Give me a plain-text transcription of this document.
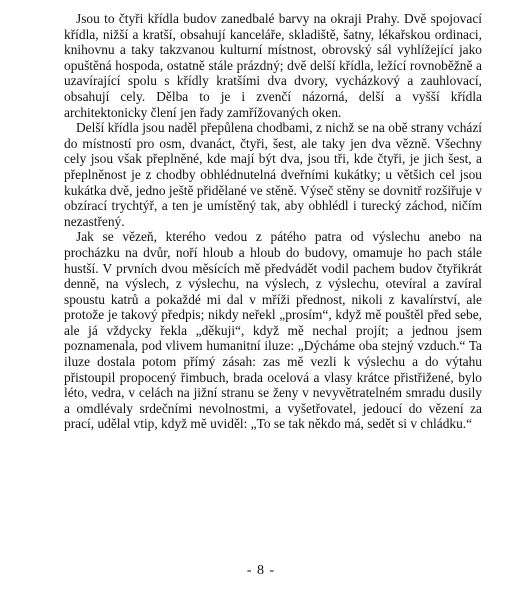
Jsou to čtyři křídla budov zanedbalé barvy na okraji Prahy. Dvě spojovací křídla, nižší a kratší, obsahují kanceláře, skladiště, šatny, lékařskou ordinaci, knihovnu a taky takzvanou kulturní místnost, obrovský sál vyhlížející jako opuštěná hospoda, ostatně stále prázdný; dvě delší křídla, ležící rovnoběžně a uzavírající spolu s křídly kratšími dva dvory, vycházkový a zauhlovací, obsahují cely. Dělba to je i zvenčí názorná, delší a vyšší křídla architektonicky člení jen řady zamřížovaných oken.

Delší křídla jsou naděl přepůlena chodbami, z nichž se na obě strany vchází do místností pro osm, dvanáct, čtyři, šest, ale taky jen dva vězně. Všechny cely jsou však přeplněné, kde mají být dva, jsou tři, kde čtyři, je jich šest, a přeplněnost je z chodby obhlédnutelná dveřními kukátky; u většich cel jsou kukátka dvě, jedno ještě přidělané ve stěně. Výseč stěny se dovnitř rozšiřuje v obzírací trychtýř, a ten je umístěný tak, aby obhlédl i turecký záchod, ničím nezastřený.

Jak se vězeň, kterého vedou z pátého patra od výslechu anebo na procházku na dvůr, noří hloub a hloub do budovy, omamuje ho pach stále hustší. V prvních dvou měsících mě předvádět vodil pachem budov čtyřikrát denně, na výslech, z výslechu, na výslech, z výslechu, otevíral a zavíral spoustu katrů a pokaždé mi dal v mříži přednost, nikoli z kavalírství, ale protože je takový předpis; nikdy neřekl „prosím“, když mě pouštěl před sebe, ale já vždycky řekla „děkuji“, když mě nechal projít; a jednou jsem poznamenala, pod vlivem humanitní iluze: „Dýcháme oba stejný vzduch.“ Ta iluze dostala potom přímý zásah: zas mě vezli k výslechu a do výtahu přistoupil propocený řimbuch, brada ocelová a vlasy krátce přistřižené, bylo léto, vedra, v celách na jižní stranu se ženy v nevyvětratelném smradu dusily a omdlévaly srdečními nevolnostmi, a vyšetřovatel, jedoucí do vězení za prací, udělal vtip, když mě uviděl: „To se tak někdo má, sedět si v chládku.“

- 8 -
